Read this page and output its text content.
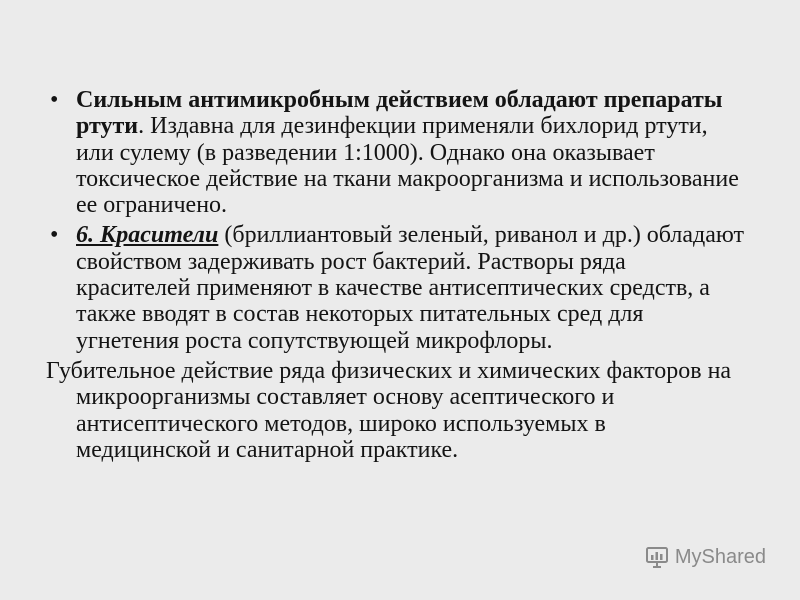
• Сильным антимикробным действием обладают препараты ртути. Издавна для дезинфекции применяли бихлорид ртути, или сулему (в разведении 1:1000). Однако она оказывает токсическое действие на ткани макроорганизма и использование ее ограничено.
• 6. Красители (бриллиантовый зеленый, риванол и др.) обладают свойством задерживать рост бактерий. Растворы ряда красителей применяют в качестве антисептических средств, а также вводят в состав некоторых питательных сред для угнетения роста сопутствующей микрофлоры.
Губительное действие ряда физических и химических факторов на микроорганизмы составляет основу асептического и антисептического методов, широко используемых в медицинской и санитарной практике.
MyShared
